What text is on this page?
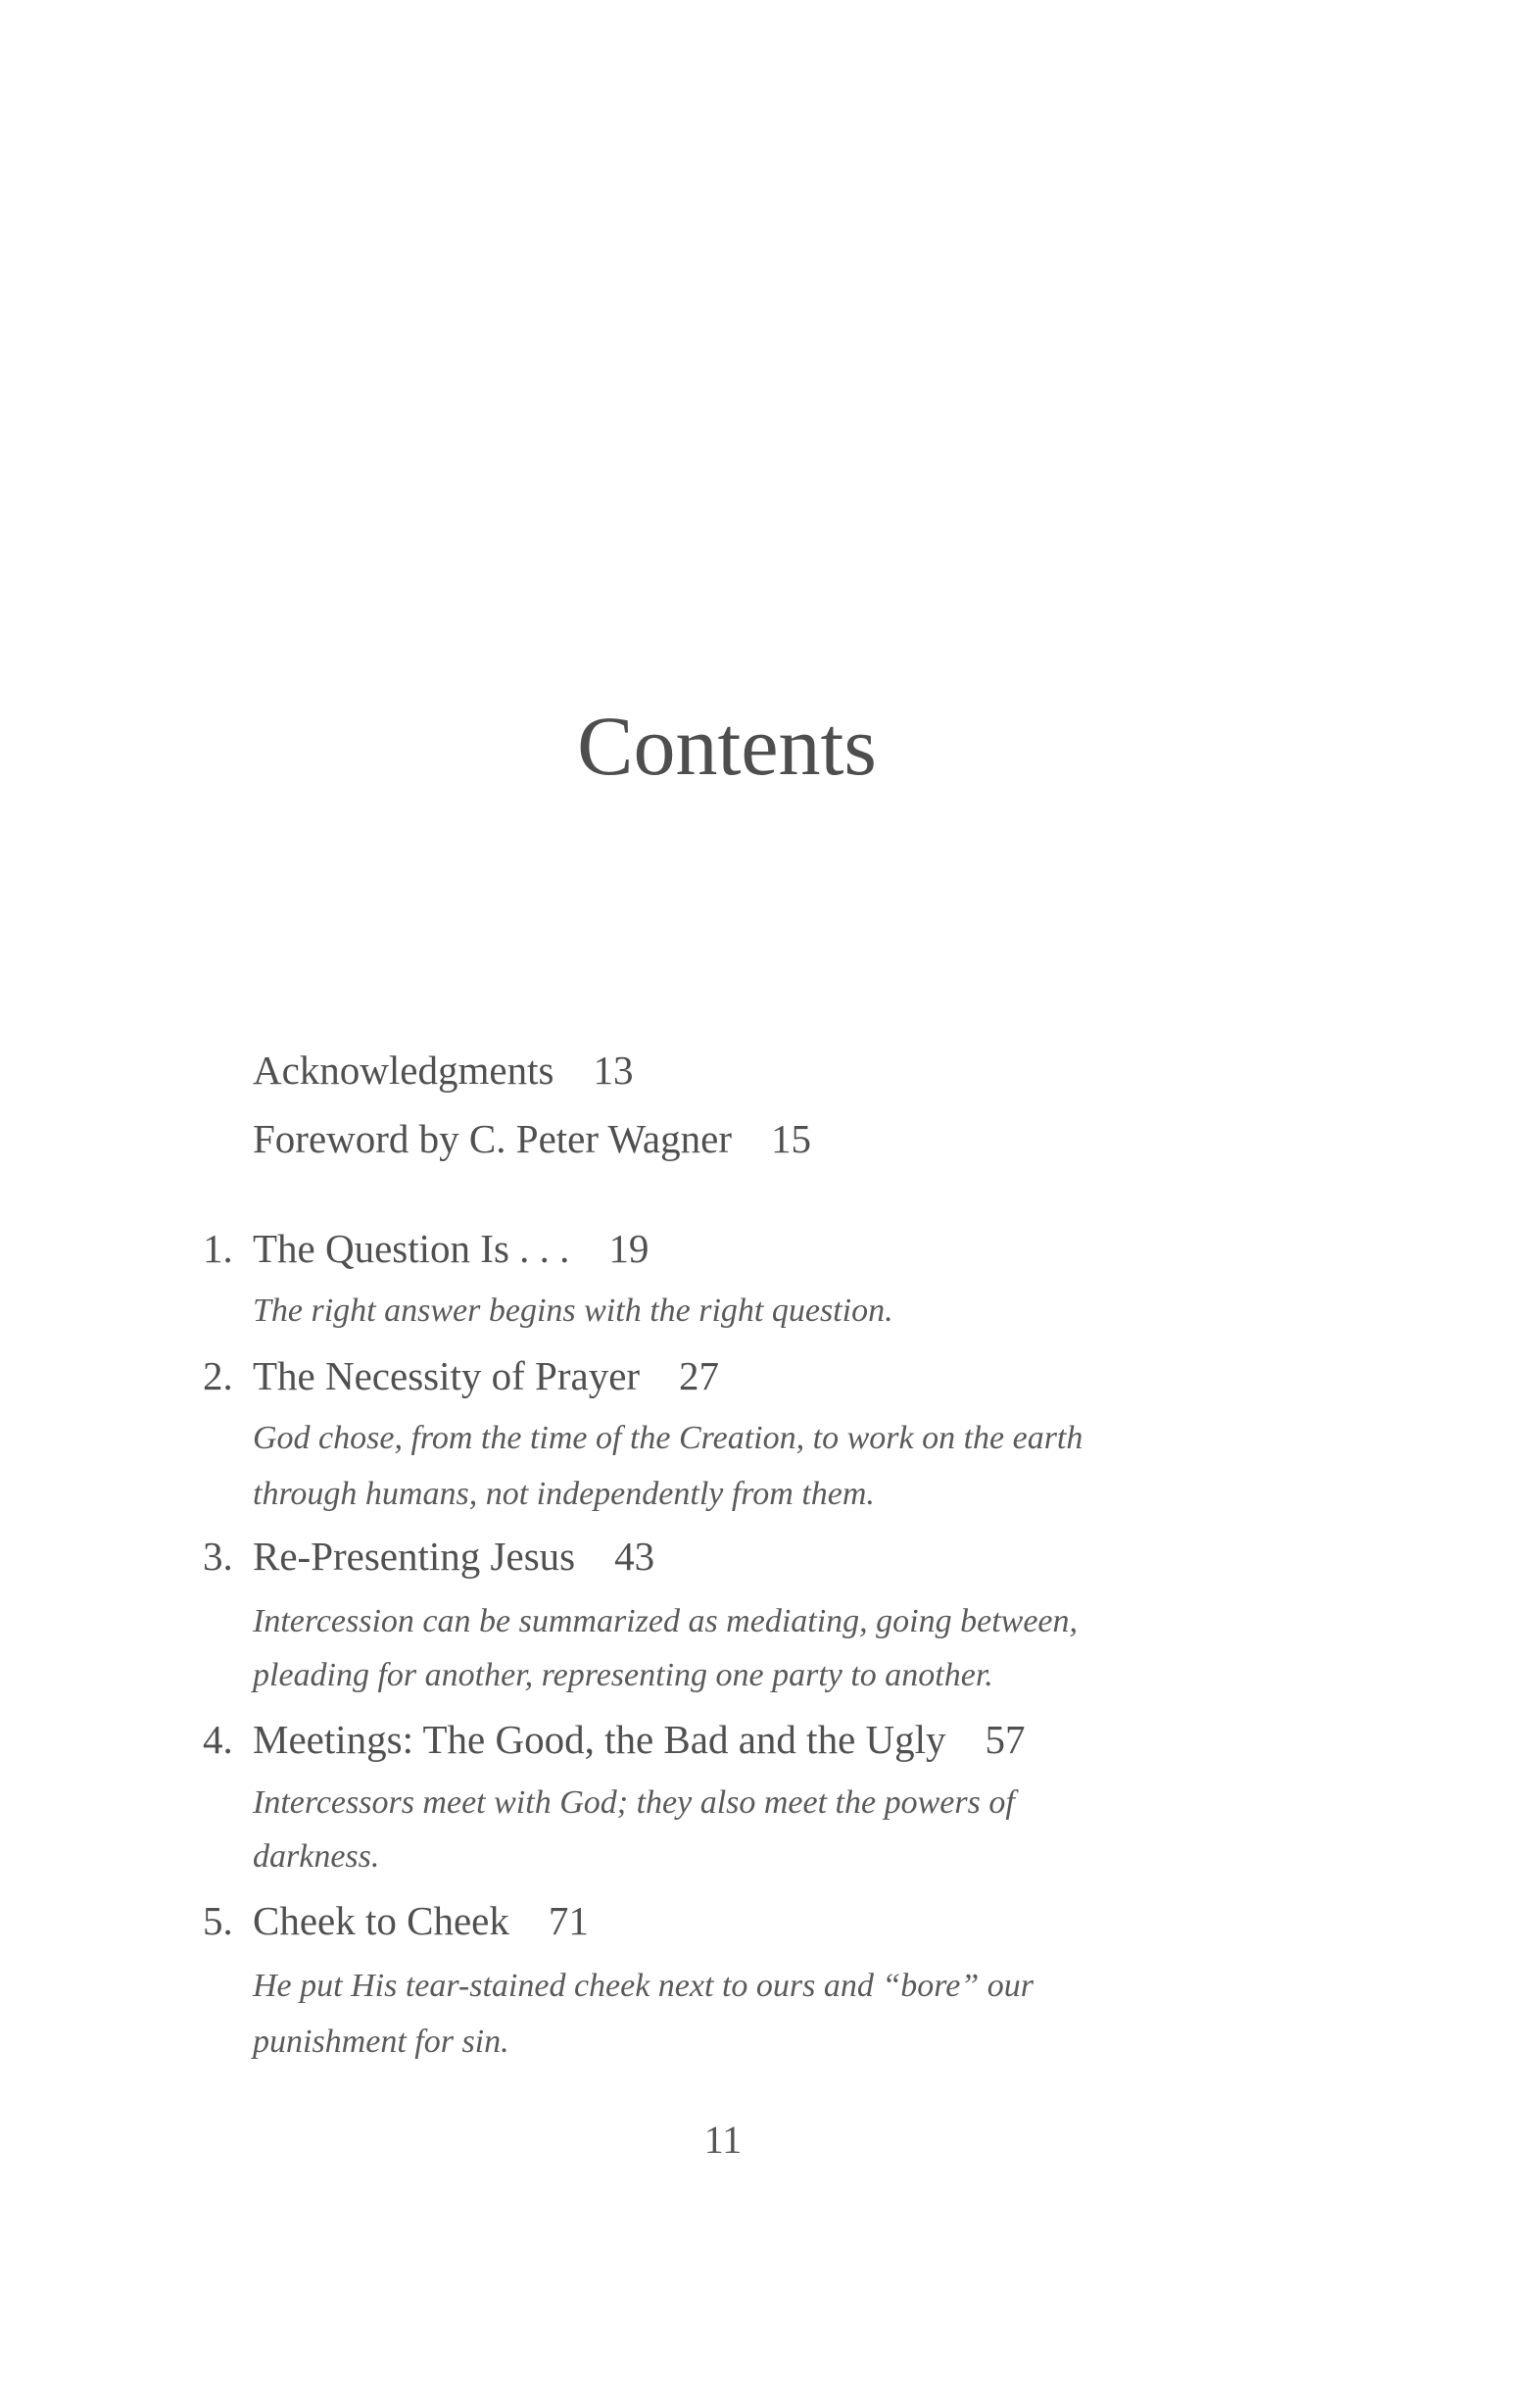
Contents
Acknowledgments 13
Foreword by C. Peter Wagner 15
1. The Question Is . . . 19
The right answer begins with the right question.
2. The Necessity of Prayer 27
God chose, from the time of the Creation, to work on the earth
through humans, not independently from them.
3. Re-Presenting Jesus 43
Intercession can be summarized as mediating, going between,
pleading for another, representing one party to another.
4. Meetings: The Good, the Bad and the Ugly 57
Intercessors meet with God; they also meet the powers of
darkness.
5. Cheek to Cheek 71
He put His tear-stained cheek next to ours and “bore” our
punishment for sin.
11
